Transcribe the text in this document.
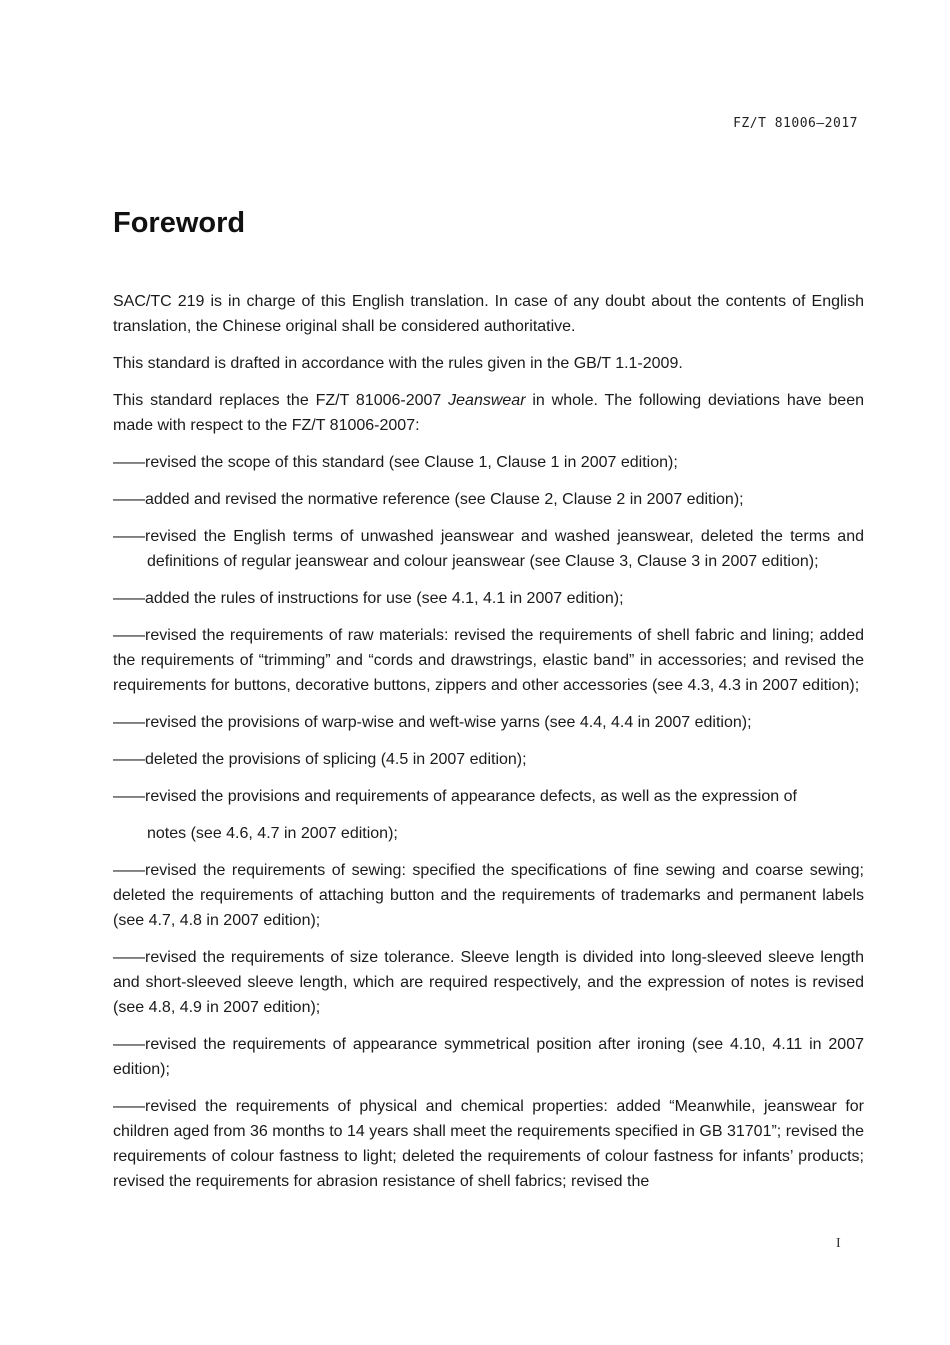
FZ/T 81006—2017
Foreword

SAC/TC 219 is in charge of this English translation. In case of any doubt about the contents of English translation, the Chinese original shall be considered authoritative.

This standard is drafted in accordance with the rules given in the GB/T 1.1-2009.

This standard replaces the FZ/T 81006-2007 Jeanswear in whole. The following deviations have been made with respect to the FZ/T 81006-2007:

——revised the scope of this standard (see Clause 1, Clause 1 in 2007 edition);

——added and revised the normative reference (see Clause 2, Clause 2 in 2007 edition);

——revised the English terms of unwashed jeanswear and washed jeanswear, deleted the terms and definitions of regular jeanswear and colour jeanswear (see Clause 3, Clause 3 in 2007 edition);

——added the rules of instructions for use (see 4.1, 4.1 in 2007 edition);

——revised the requirements of raw materials: revised the requirements of shell fabric and lining; added the requirements of “trimming” and “cords and drawstrings, elastic band” in accessories; and revised the requirements for buttons, decorative buttons, zippers and other accessories (see 4.3, 4.3 in 2007 edition);

——revised the provisions of warp-wise and weft-wise yarns (see 4.4, 4.4 in 2007 edition);

——deleted the provisions of splicing (4.5 in 2007 edition);

——revised the provisions and requirements of appearance defects, as well as the expression of

notes (see 4.6, 4.7 in 2007 edition);

——revised the requirements of sewing: specified the specifications of fine sewing and coarse sewing; deleted the requirements of attaching button and the requirements of trademarks and permanent labels (see 4.7, 4.8 in 2007 edition);

——revised the requirements of size tolerance. Sleeve length is divided into long-sleeved sleeve length and short-sleeved sleeve length, which are required respectively, and the expression of notes is revised (see 4.8, 4.9 in 2007 edition);

——revised the requirements of appearance symmetrical position after ironing (see 4.10, 4.11 in 2007 edition);

——revised the requirements of physical and chemical properties: added “Meanwhile, jeanswear for children aged from 36 months to 14 years shall meet the requirements specified in GB 31701”; revised the requirements of colour fastness to light; deleted the requirements of colour fastness for infants’ products; revised the requirements for abrasion resistance of shell fabrics; revised the

I
